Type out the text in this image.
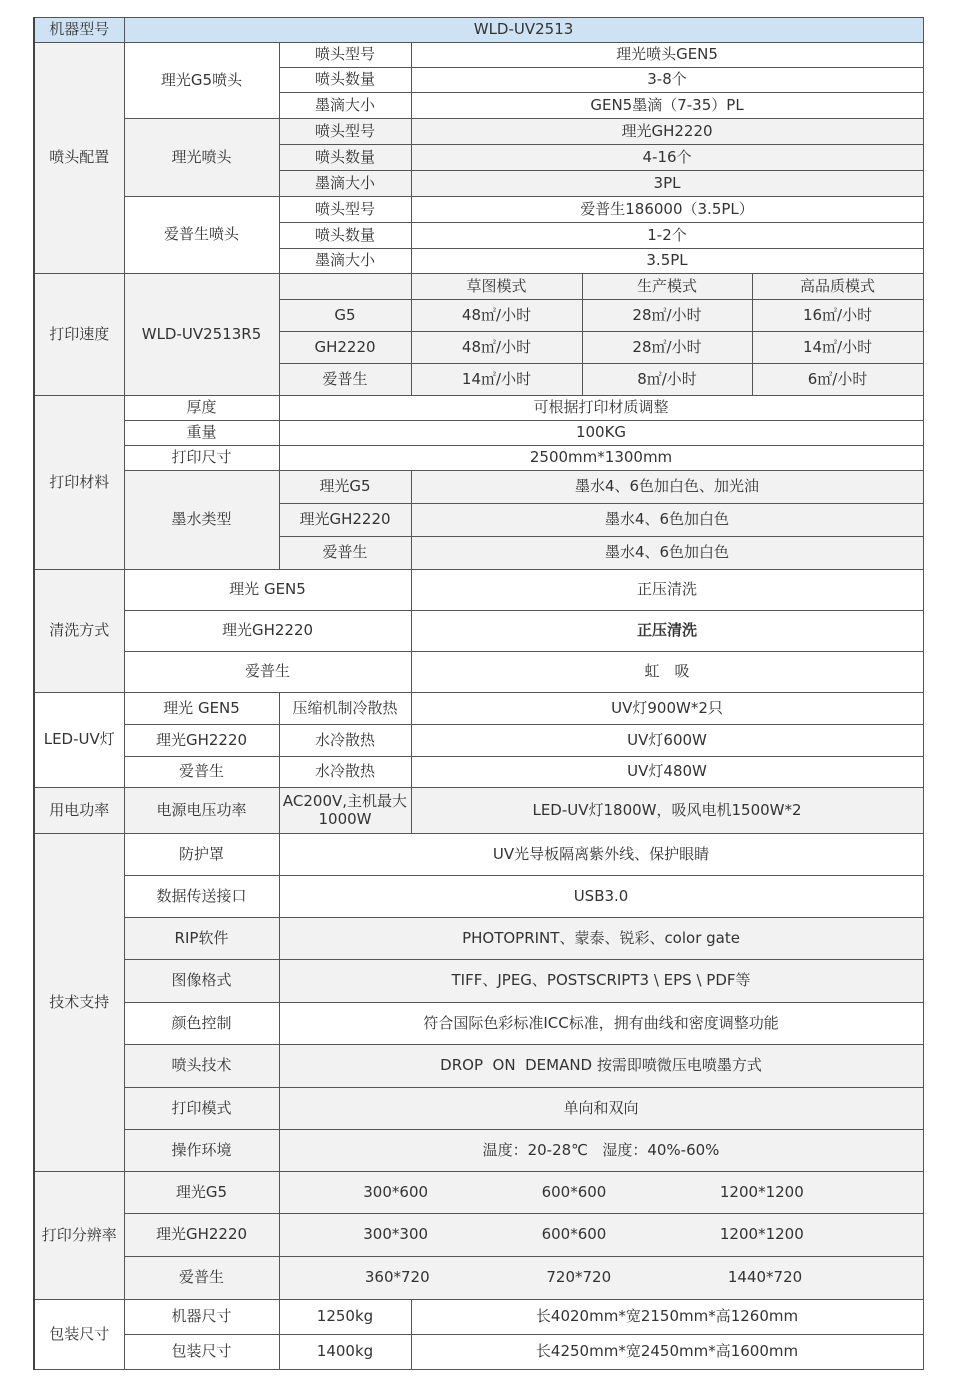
机器型号	WLD-UV2513				
喷头配置	理光G5喷头	喷头型号	理光喷头GEN5		
		喷头数量	3-8个		
		墨滴大小	GEN5墨滴（7-35）PL		
	理光喷头	喷头型号	理光GH2220		
		喷头数量	4-16个		
		墨滴大小	3PL		
	爱普生喷头	喷头型号	爱普生186000（3.5PL）		
		喷头数量	1-2个		
		墨滴大小	3.5PL		
打印速度	WLD-UV2513R5		草图模式	生产模式	高品质模式
		G5	48㎡/小时	28㎡/小时	16㎡/小时
		GH2220	48㎡/小时	28㎡/小时	14㎡/小时
		爱普生	14㎡/小时	8㎡/小时	6㎡/小时
打印材料	厚度	可根据打印材质调整			
	重量	100KG			
	打印尺寸	2500mm*1300mm			
	墨水类型	理光G5	墨水4、6色加白色、加光油		
		理光GH2220	墨水4、6色加白色		
		爱普生	墨水4、6色加白色		
清洗方式	理光 GEN5		正压清洗		
	理光GH2220		正压清洗		
	爱普生		虹　吸		
LED-UV灯	理光 GEN5	压缩机制冷散热	UV灯900W*2只		
	理光GH2220	水冷散热	UV灯600W		
	爱普生	水冷散热	UV灯480W		
用电功率	电源电压功率	AC200V,主机最大1000W	LED-UV灯1800W，吸风电机1500W*2		
技术支持	防护罩	UV光导板隔离紫外线、保护眼睛			
	数据传送接口	USB3.0			
	RIP软件	PHOTOPRINT、蒙泰、锐彩、color gate			
	图像格式	TIFF、JPEG、POSTSCRIPT3 \ EPS \ PDF等			
	颜色控制	符合国际色彩标准ICC标准，拥有曲线和密度调整功能			
	喷头技术	DROP  ON  DEMAND 按需即喷微压电喷墨方式			
	打印模式	单向和双向			
	操作环境	温度：20-28℃   湿度：40%-60%			
打印分辨率	理光G5	300*600 600*600 1200*1200			

	理光GH2220	300*300 600*600 1200*1200			

	爱普生	360*720 720*720 1440*720			

包装尺寸	机器尺寸	1250kg	长4020mm*宽2150mm*高1260mm		
	包装尺寸	1400kg	长4250mm*宽2450mm*高1600mm		
